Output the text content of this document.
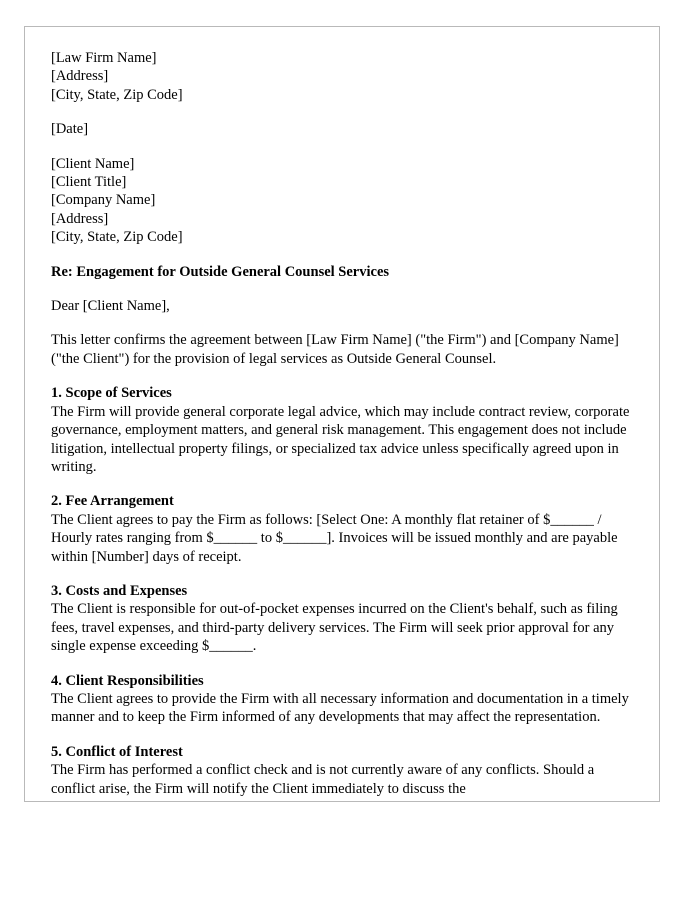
[Law Firm Name]
[Address]
[City, State, Zip Code]
[Date]
[Client Name]
[Client Title]
[Company Name]
[Address]
[City, State, Zip Code]
Re: Engagement for Outside General Counsel Services
Dear [Client Name],
This letter confirms the agreement between [Law Firm Name] ("the Firm") and [Company Name] ("the Client") for the provision of legal services as Outside General Counsel.
1. Scope of Services
The Firm will provide general corporate legal advice, which may include contract review, corporate governance, employment matters, and general risk management. This engagement does not include litigation, intellectual property filings, or specialized tax advice unless specifically agreed upon in writing.
2. Fee Arrangement
The Client agrees to pay the Firm as follows: [Select One: A monthly flat retainer of $______ / Hourly rates ranging from $______ to $______]. Invoices will be issued monthly and are payable within [Number] days of receipt.
3. Costs and Expenses
The Client is responsible for out-of-pocket expenses incurred on the Client's behalf, such as filing fees, travel expenses, and third-party delivery services. The Firm will seek prior approval for any single expense exceeding $______.
4. Client Responsibilities
The Client agrees to provide the Firm with all necessary information and documentation in a timely manner and to keep the Firm informed of any developments that may affect the representation.
5. Conflict of Interest
The Firm has performed a conflict check and is not currently aware of any conflicts. Should a conflict arise, the Firm will notify the Client immediately to discuss the
